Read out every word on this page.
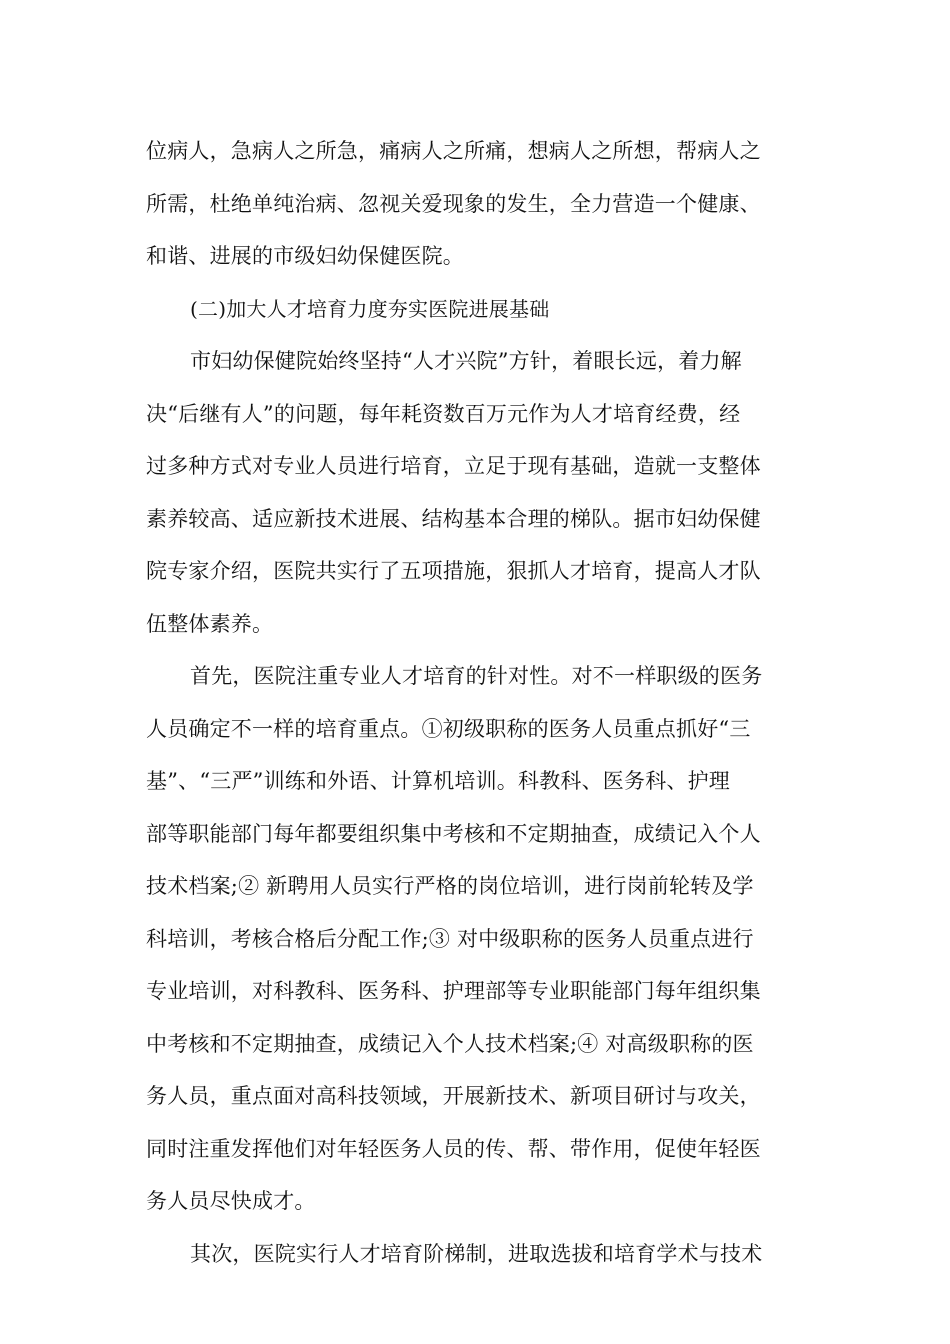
位病人，急病人之所急，痛病人之所痛，想病人之所想，帮病人之
所需，杜绝单纯治病、忽视关爱现象的发生，全力营造一个健康、
和谐、进展的市级妇幼保健医院。
(二)加大人才培育力度夯实医院进展基础
市妇幼保健院始终坚持“人才兴院”方针，着眼长远，着力解
决“后继有人”的问题，每年耗资数百万元作为人才培育经费，经
过多种方式对专业人员进行培育，立足于现有基础，造就一支整体
素养较高、适应新技术进展、结构基本合理的梯队。据市妇幼保健
院专家介绍，医院共实行了五项措施，狠抓人才培育，提高人才队
伍整体素养。
首先，医院注重专业人才培育的针对性。对不一样职级的医务
人员确定不一样的培育重点。①初级职称的医务人员重点抓好“三
基”、“三严”训练和外语、计算机培训。科教科、医务科、护理
部等职能部门每年都要组织集中考核和不定期抽查，成绩记入个人
技术档案;② 新聘用人员实行严格的岗位培训，进行岗前轮转及学
科培训，考核合格后分配工作;③ 对中级职称的医务人员重点进行
专业培训，对科教科、医务科、护理部等专业职能部门每年组织集
中考核和不定期抽查，成绩记入个人技术档案;④ 对高级职称的医
务人员，重点面对高科技领域，开展新技术、新项目研讨与攻关，
同时注重发挥他们对年轻医务人员的传、帮、带作用，促使年轻医
务人员尽快成才。
其次，医院实行人才培育阶梯制，进取选拔和培育学术与技术
